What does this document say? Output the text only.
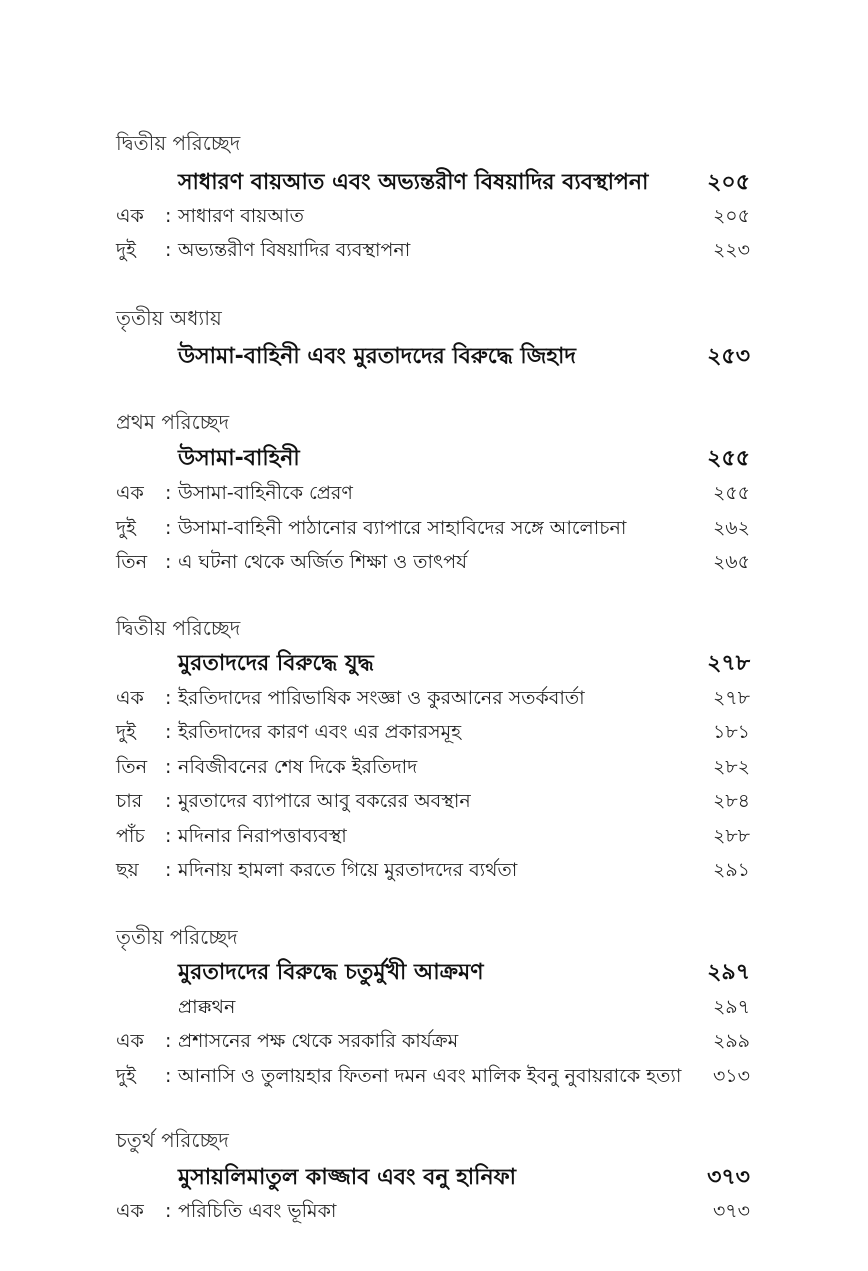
দ্বিতীয় পরিচ্ছেদ
সাধারণ বায়আত এবং অভ্যন্তরীণ বিষয়াদির ব্যবস্থাপনা	২০৫
এক : সাধারণ বায়আত	২০৫
দুই : অভ্যন্তরীণ বিষয়াদির ব্যবস্থাপনা	২২৩
তৃতীয় অধ্যায়
উসামা-বাহিনী এবং মুরতাদদের বিরুদ্ধে জিহাদ	২৫৩
প্রথম পরিচ্ছেদ
উসামা-বাহিনী	২৫৫
এক : উসামা-বাহিনীকে প্রেরণ	২৫৫
দুই : উসামা-বাহিনী পাঠানোর ব্যাপারে সাহাবিদের সঙ্গে আলোচনা	২৬২
তিন : এ ঘটনা থেকে অর্জিত শিক্ষা ও তাৎপর্য	২৬৫
দ্বিতীয় পরিচ্ছেদ
মুরতাদদের বিরুদ্ধে যুদ্ধ	২৭৮
এক : ইরতিদাদের পারিভাষিক সংজ্ঞা ও কুরআনের সতর্কবার্তা	২৭৮
দুই : ইরতিদাদের কারণ এবং এর প্রকারসমূহ	১৮১
তিন : নবিজীবনের শেষ দিকে ইরতিদাদ	২৮২
চার : মুরতাদের ব্যাপারে আবু বকরের অবস্থান	২৮৪
পাঁচ : মদিনার নিরাপত্তাব্যবস্থা	২৮৮
ছয় : মদিনায় হামলা করতে গিয়ে মুরতাদদের ব্যর্থতা	২৯১
তৃতীয় পরিচ্ছেদ
মুরতাদদের বিরুদ্ধে চতুর্মুখী আক্রমণ	২৯৭
প্রাক্কথন	২৯৭
এক : প্রশাসনের পক্ষ থেকে সরকারি কার্যক্রম	২৯৯
দুই : আনাসি ও তুলায়হার ফিতনা দমন এবং মালিক ইবনু নুবায়রাকে হত্যা ৩১৩
চতুর্থ পরিচ্ছেদ
মুসায়লিমাতুল কাজ্জাব এবং বনু হানিফা	৩৭৩
এক : পরিচিতি এবং ভূমিকা	৩৭৩
